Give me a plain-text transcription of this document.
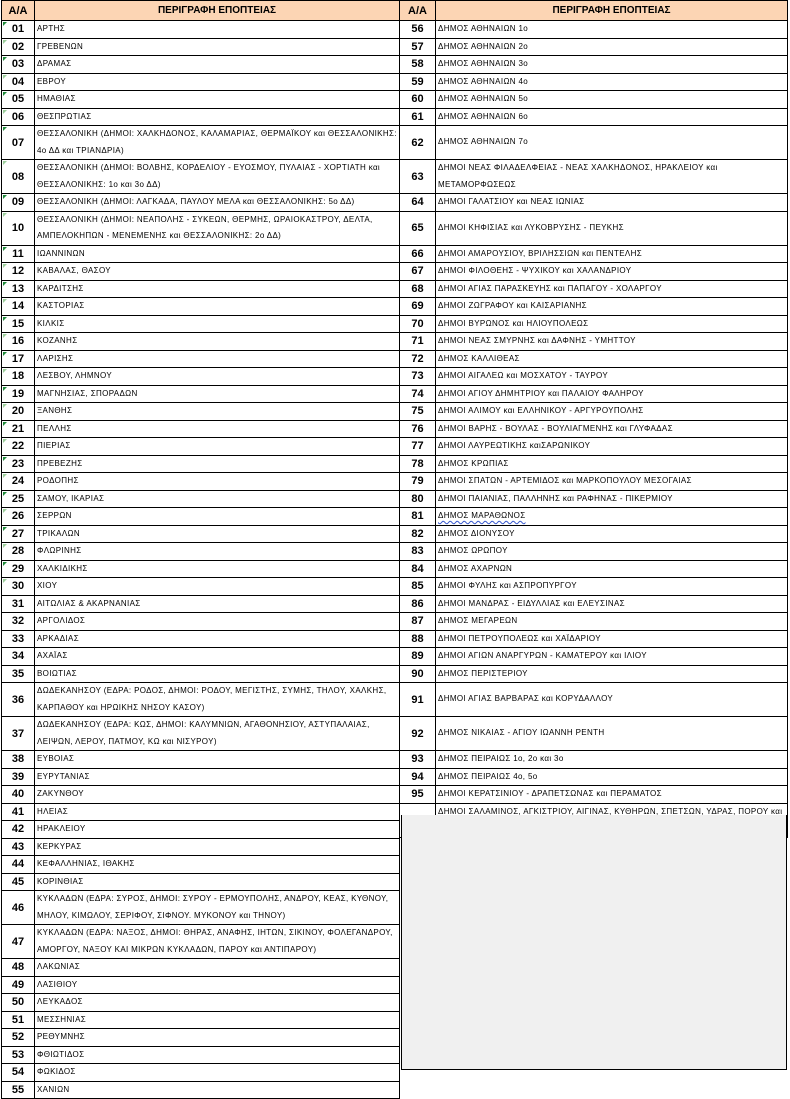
Α/Α	ΠΕΡΙΓΡΑΦΗ ΕΠΟΠΤΕΙΑΣ

01	ΑΡΤΗΣ

02	ΓΡΕΒΕΝΩΝ

03	ΔΡΑΜΑΣ

04	ΕΒΡΟΥ

05	ΗΜΑΘΙΑΣ

06	ΘΕΣΠΡΩΤΙΑΣ

07	ΘΕΣΣΑΛΟΝΙΚΗ (ΔΗΜΟΙ: ΧΑΛΚΗΔΟΝΟΣ, ΚΑΛΑΜΑΡΙΑΣ, ΘΕΡΜΑΪΚΟΥ και ΘΕΣΣΑΛΟΝΙΚΗΣ: 4ο ΔΔ και ΤΡΙΑΝΔΡΙΑ)

08	ΘΕΣΣΑΛΟΝΙΚΗ (ΔΗΜΟΙ: ΒΟΛΒΗΣ, ΚΟΡΔΕΛΙΟΥ - ΕΥΟΣΜΟΥ, ΠΥΛΑΙΑΣ - ΧΟΡΤΙΑΤΗ και ΘΕΣΣΑΛΟΝΙΚΗΣ: 1ο και 3ο ΔΔ)

09	ΘΕΣΣΑΛΟΝΙΚΗ (ΔΗΜΟΙ: ΛΑΓΚΑΔΑ, ΠΑΥΛΟΥ ΜΕΛΑ και ΘΕΣΣΑΛΟΝΙΚΗΣ: 5ο ΔΔ)

10	ΘΕΣΣΑΛΟΝΙΚΗ (ΔΗΜΟΙ: ΝΕΑΠΟΛΗΣ - ΣΥΚΕΩΝ, ΘΕΡΜΗΣ, ΩΡΑΙΟΚΑΣΤΡΟΥ, ΔΕΛΤΑ, ΑΜΠΕΛΟΚΗΠΩΝ - ΜΕΝΕΜΕΝΗΣ και ΘΕΣΣΑΛΟΝΙΚΗΣ: 2ο ΔΔ)

11	ΙΩΑΝΝΙΝΩΝ

12	ΚΑΒΑΛΑΣ, ΘΑΣΟΥ

13	ΚΑΡΔΙΤΣΗΣ

14	ΚΑΣΤΟΡΙΑΣ

15	ΚΙΛΚΙΣ

16	ΚΟΖΑΝΗΣ

17	ΛΑΡΙΣΗΣ

18	ΛΕΣΒΟΥ, ΛΗΜΝΟΥ

19	ΜΑΓΝΗΣΙΑΣ, ΣΠΟΡΑΔΩΝ

20	ΞΑΝΘΗΣ

21	ΠΕΛΛΗΣ

22	ΠΙΕΡΙΑΣ

23	ΠΡΕΒΕΖΗΣ

24	ΡΟΔΟΠΗΣ

25	ΣΑΜΟΥ, ΙΚΑΡΙΑΣ

26	ΣΕΡΡΩΝ

27	ΤΡΙΚΑΛΩΝ

28	ΦΛΩΡΙΝΗΣ

29	ΧΑΛΚΙΔΙΚΗΣ

30	ΧΙΟΥ
31	ΑΙΤΩΛΙΑΣ & ΑΚΑΡΝΑΝΙΑΣ
32	ΑΡΓΟΛΙΔΟΣ
33	ΑΡΚΑΔΙΑΣ
34	ΑΧΑΪΑΣ
35	ΒΟΙΩΤΙΑΣ
36	ΔΩΔΕΚΑΝΗΣΟΥ (ΕΔΡΑ: ΡΟΔΟΣ, ΔΗΜΟΙ: ΡΟΔΟΥ, ΜΕΓΙΣΤΗΣ, ΣΥΜΗΣ, ΤΗΛΟΥ, ΧΑΛΚΗΣ, ΚΑΡΠΑΘΟΥ και ΗΡΩΙΚΗΣ ΝΗΣΟΥ ΚΑΣΟΥ)
37	ΔΩΔΕΚΑΝΗΣΟΥ (ΕΔΡΑ: ΚΩΣ, ΔΗΜΟΙ: ΚΑΛΥΜΝΙΩΝ, ΑΓΑΘΟΝΗΣΙΟΥ, ΑΣΤΥΠΑΛΑΙΑΣ, ΛΕΙΨΩΝ, ΛΕΡΟΥ, ΠΑΤΜΟΥ, ΚΩ και ΝΙΣΥΡΟΥ)
38	ΕΥΒΟΙΑΣ
39	ΕΥΡΥΤΑΝΙΑΣ
40	ΖΑΚΥΝΘΟΥ
41	ΗΛΕΙΑΣ
42	ΗΡΑΚΛΕΙΟΥ
43	ΚΕΡΚΥΡΑΣ
44	ΚΕΦΑΛΛΗΝΙΑΣ, ΙΘΑΚΗΣ
45	ΚΟΡΙΝΘΙΑΣ
46	ΚΥΚΛΑΔΩΝ (ΕΔΡΑ: ΣΥΡΟΣ, ΔΗΜΟΙ: ΣΥΡΟΥ - ΕΡΜΟΥΠΟΛΗΣ, ΑΝΔΡΟΥ, ΚΕΑΣ, ΚΥΘΝΟΥ, ΜΗΛΟΥ, ΚΙΜΩΛΟΥ, ΣΕΡΙΦΟΥ, ΣΙΦΝΟΥ. ΜΥΚΟΝΟΥ και ΤΗΝΟΥ)
47	ΚΥΚΛΑΔΩΝ (ΕΔΡΑ: ΝΑΞΟΣ, ΔΗΜΟΙ: ΘΗΡΑΣ, ΑΝΑΦΗΣ, ΙΗΤΩΝ, ΣΙΚΙΝΟΥ, ΦΟΛΕΓΑΝΔΡΟΥ, ΑΜΟΡΓΟΥ, ΝΑΞΟΥ ΚΑΙ ΜΙΚΡΩΝ ΚΥΚΛΑΔΩΝ, ΠΑΡΟΥ και ΑΝΤΙΠΑΡΟΥ)
48	ΛΑΚΩΝΙΑΣ
49	ΛΑΣΙΘΙΟΥ
50	ΛΕΥΚΑΔΟΣ
51	ΜΕΣΣΗΝΙΑΣ
52	ΡΕΘΥΜΝΗΣ
53	ΦΘΙΩΤΙΔΟΣ
54	ΦΩΚΙΔΟΣ
55	ΧΑΝΙΩΝ
Α/Α	ΠΕΡΙΓΡΑΦΗ ΕΠΟΠΤΕΙΑΣ
56	ΔΗΜΟΣ ΑΘΗΝΑΙΩΝ 1ο
57	ΔΗΜΟΣ ΑΘΗΝΑΙΩΝ 2ο
58	ΔΗΜΟΣ ΑΘΗΝΑΙΩΝ 3ο
59	ΔΗΜΟΣ ΑΘΗΝΑΙΩΝ 4ο
60	ΔΗΜΟΣ ΑΘΗΝΑΙΩΝ 5ο
61	ΔΗΜΟΣ ΑΘΗΝΑΙΩΝ 6ο
62	ΔΗΜΟΣ ΑΘΗΝΑΙΩΝ 7ο
63	ΔΗΜΟΙ ΝΕΑΣ ΦΙΛΑΔΕΛΦΕΙΑΣ - ΝΕΑΣ ΧΑΛΚΗΔΟΝΟΣ, ΗΡΑΚΛΕΙΟΥ και ΜΕΤΑΜΟΡΦΩΣΕΩΣ
64	ΔΗΜΟΙ ΓΑΛΑΤΣΙΟΥ και ΝΕΑΣ ΙΩΝΙΑΣ
65	ΔΗΜΟΙ ΚΗΦΙΣΙΑΣ και ΛΥΚΟΒΡΥΣΗΣ - ΠΕΥΚΗΣ
66	ΔΗΜΟΙ ΑΜΑΡΟΥΣΙΟΥ, ΒΡΙΛΗΣΣΙΩΝ και ΠΕΝΤΕΛΗΣ
67	ΔΗΜΟΙ ΦΙΛΟΘΕΗΣ - ΨΥΧΙΚΟΥ και ΧΑΛΑΝΔΡΙΟΥ
68	ΔΗΜΟΙ ΑΓΙΑΣ ΠΑΡΑΣΚΕΥΗΣ και ΠΑΠΑΓΟΥ - ΧΟΛΑΡΓΟΥ
69	ΔΗΜΟΙ ΖΩΓΡΑΦΟΥ και ΚΑΙΣΑΡΙΑΝΗΣ
70	ΔΗΜΟΙ ΒΥΡΩΝΟΣ και ΗΛΙΟΥΠΟΛΕΩΣ
71	ΔΗΜΟΙ ΝΕΑΣ ΣΜΥΡΝΗΣ και ΔΑΦΝΗΣ - ΥΜΗΤΤΟΥ
72	ΔΗΜΟΣ ΚΑΛΛΙΘΕΑΣ
73	ΔΗΜΟΙ ΑΙΓΑΛΕΩ και ΜΟΣΧΑΤΟΥ - ΤΑΥΡΟΥ
74	ΔΗΜΟΙ ΑΓΙΟΥ ΔΗΜΗΤΡΙΟΥ και ΠΑΛΑΙΟΥ ΦΑΛΗΡΟΥ
75	ΔΗΜΟΙ ΑΛΙΜΟΥ και ΕΛΛΗΝΙΚΟΥ - ΑΡΓΥΡΟΥΠΟΛΗΣ
76	ΔΗΜΟΙ ΒΑΡΗΣ - ΒΟΥΛΑΣ - ΒΟΥΛΙΑΓΜΕΝΗΣ και ΓΛΥΦΑΔΑΣ
77	ΔΗΜΟΙ ΛΑΥΡΕΩΤΙΚΗΣ καιΣΑΡΩΝΙΚΟΥ
78	ΔΗΜΟΣ ΚΡΩΠΙΑΣ
79	ΔΗΜΟΙ ΣΠΑΤΩΝ - ΑΡΤΕΜΙΔΟΣ και ΜΑΡΚΟΠΟΥΛΟΥ ΜΕΣΟΓΑΙΑΣ
80	ΔΗΜΟΙ ΠΑΙΑΝΙΑΣ, ΠΑΛΛΗΝΗΣ και ΡΑΦΗΝΑΣ - ΠΙΚΕΡΜΙΟΥ
81	ΔΗΜΟΣ ΜΑΡΑΘΩΝΟΣ
82	ΔΗΜΟΣ ΔΙΟΝΥΣΟΥ
83	ΔΗΜΟΣ ΩΡΩΠΟΥ
84	ΔΗΜΟΣ ΑΧΑΡΝΩΝ
85	ΔΗΜΟΙ ΦΥΛΗΣ και ΑΣΠΡΟΠΥΡΓΟΥ
86	ΔΗΜΟΙ ΜΑΝΔΡΑΣ - ΕΙΔΥΛΛΙΑΣ και ΕΛΕΥΣΙΝΑΣ
87	ΔΗΜΟΣ ΜΕΓΑΡΕΩΝ
88	ΔΗΜΟΙ ΠΕΤΡΟΥΠΟΛΕΩΣ και ΧΑΪΔΑΡΙΟΥ
89	ΔΗΜΟΙ ΑΓΙΩΝ ΑΝΑΡΓΥΡΩΝ - ΚΑΜΑΤΕΡΟΥ και ΙΛΙΟΥ
90	ΔΗΜΟΣ ΠΕΡΙΣΤΕΡΙΟΥ
91	ΔΗΜΟΙ ΑΓΙΑΣ ΒΑΡΒΑΡΑΣ και ΚΟΡΥΔΑΛΛΟΥ
92	ΔΗΜΟΣ ΝΙΚΑΙΑΣ - ΑΓΙΟΥ ΙΩΑΝΝΗ ΡΕΝΤΗ
93	ΔΗΜΟΣ ΠΕΙΡΑΙΩΣ 1ο, 2ο και 3ο
94	ΔΗΜΟΣ ΠΕΙΡΑΙΩΣ 4ο, 5ο
95	ΔΗΜΟΙ ΚΕΡΑΤΣΙΝΙΟΥ - ΔΡΑΠΕΤΣΩΝΑΣ και ΠΕΡΑΜΑΤΟΣ
	ΔΗΜΟΙ ΣΑΛΑΜΙΝΟΣ, ΑΓΚΙΣΤΡΙΟΥ, ΑΙΓΙΝΑΣ, ΚΥΘΗΡΩΝ, ΣΠΕΤΣΩΝ, ΥΔΡΑΣ, ΠΟΡΟΥ και
